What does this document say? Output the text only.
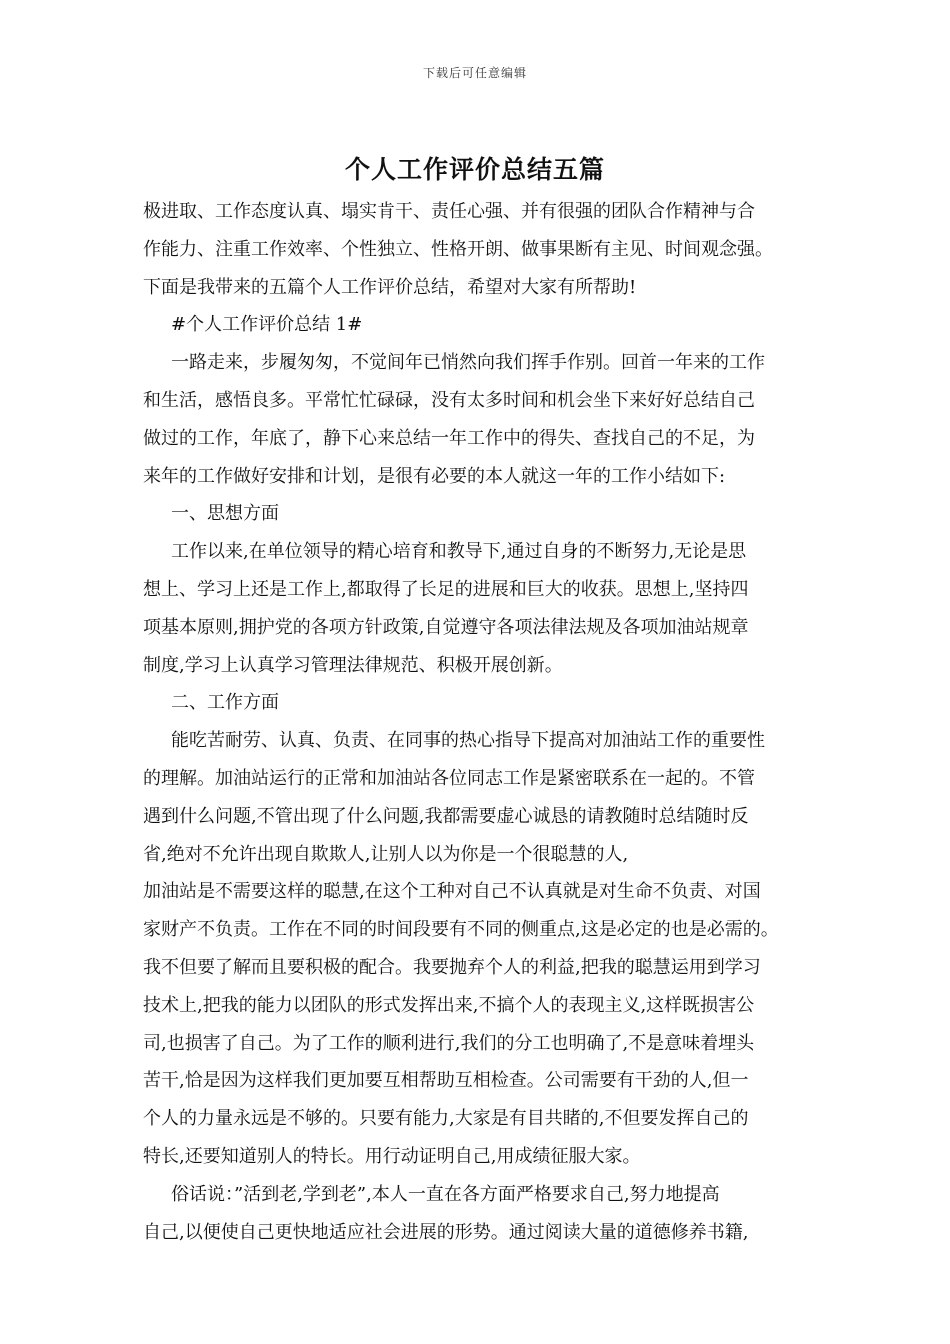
下载后可任意编辑
个人工作评价总结五篇

极进取、工作态度认真、塌实肯干、责任心强、并有很强的团队合作精神与合

作能力、注重工作效率、个性独立、性格开朗、做事果断有主见、时间观念强。

下面是我带来的五篇个人工作评价总结，希望对大家有所帮助!

#个人工作评价总结 1#

一路走来，步履匆匆，不觉间年已悄然向我们挥手作别。回首一年来的工作

和生活，感悟良多。平常忙忙碌碌，没有太多时间和机会坐下来好好总结自己

做过的工作，年底了，静下心来总结一年工作中的得失、查找自己的不足，为

来年的工作做好安排和计划，是很有必要的本人就这一年的工作小结如下:

一、思想方面

工作以来,在单位领导的精心培育和教导下,通过自身的不断努力,无论是思

想上、学习上还是工作上,都取得了长足的进展和巨大的收获。思想上,坚持四

项基本原则,拥护党的各项方针政策,自觉遵守各项法律法规及各项加油站规章

制度,学习上认真学习管理法律规范、积极开展创新。

二、工作方面

能吃苦耐劳、认真、负责、在同事的热心指导下提高对加油站工作的重要性

的理解。加油站运行的正常和加油站各位同志工作是紧密联系在一起的。不管

遇到什么问题,不管出现了什么问题,我都需要虚心诚恳的请教随时总结随时反

省,绝对不允许出现自欺欺人,让别人以为你是一个很聪慧的人,

加油站是不需要这样的聪慧,在这个工种对自己不认真就是对生命不负责、对国

家财产不负责。工作在不同的时间段要有不同的侧重点,这是必定的也是必需的。

我不但要了解而且要积极的配合。我要抛弃个人的利益,把我的聪慧运用到学习

技术上,把我的能力以团队的形式发挥出来,不搞个人的表现主义,这样既损害公

司,也损害了自己。为了工作的顺利进行,我们的分工也明确了,不是意味着埋头

苦干,恰是因为这样我们更加要互相帮助互相检查。公司需要有干劲的人,但一

个人的力量永远是不够的。只要有能力,大家是有目共睹的,不但要发挥自己的

特长,还要知道别人的特长。用行动证明自己,用成绩征服大家。

俗话说：”活到老,学到老”,本人一直在各方面严格要求自己,努力地提高

自己,以便使自己更快地适应社会进展的形势。通过阅读大量的道德修养书籍,
